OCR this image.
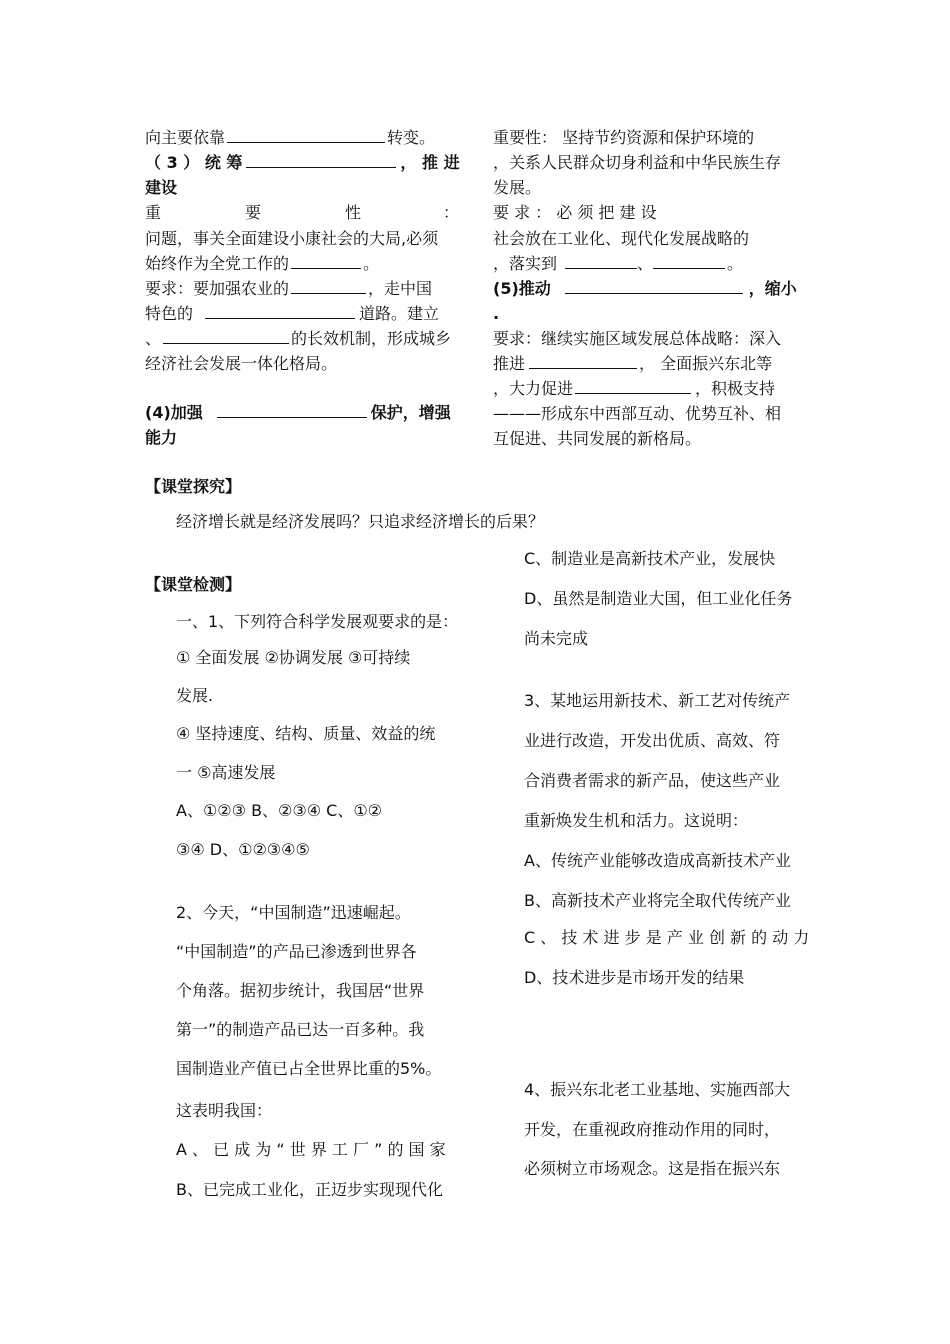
向主要依靠	转变。
（ 3 ） 统 筹	， 推 进
建设
重	要	性	：
问题，事关全面建设小康社会的大局,必须
始终作为全党工作的	。
要求：要加强农业的	，走中国
特色的	道路。建立
、	的长效机制，形成城乡
经济社会发展一体化格局。
(4)加强	保护，增强
能力
重要性： 坚持节约资源和保护环境的
，关系人民群众切身利益和中华民族生存
发展。
要 求 ： 必 须 把 建 设
社会放在工业化、现代化发展战略的
，落实到	、	。
(5)推动	，缩小
.
要求：继续实施区域发展总体战略：深入
推进	， 全面振兴东北等
，大力促进	，积极支持
———形成东中西部互动、优势互补、相
互促进、共同发展的新格局。
【课堂探究】
经济增长就是经济发展吗？只追求经济增长的后果？
【课堂检测】
一、1、下列符合科学发展观要求的是：
① 全面发展 ②协调发展 ③可持续
发展.
④ 坚持速度、结构、质量、效益的统
一 ⑤高速发展
A、①②③ B、②③④ C、①②
③④ D、①②③④⑤
2、今天，“中国制造”迅速崛起。
“中国制造”的产品已渗透到世界各
个角落。据初步统计，我国居“世界
第一”的制造产品已达一百多种。我
国制造业产值已占全世界比重的5%。
这表明我国：
A 、 已 成 为 “ 世 界 工 厂 ” 的 国 家
B、已完成工业化，正迈步实现现代化
C、制造业是高新技术产业，发展快
D、虽然是制造业大国，但工业化任务
尚未完成
3、某地运用新技术、新工艺对传统产
业进行改造，开发出优质、高效、符
合消费者需求的新产品，使这些产业
重新焕发生机和活力。这说明：
A、传统产业能够改造成高新技术产业
B、高新技术产业将完全取代传统产业
C 、 技 术 进 步 是 产 业 创 新 的 动 力
D、技术进步是市场开发的结果
4、振兴东北老工业基地、实施西部大
开发，在重视政府推动作用的同时，
必须树立市场观念。这是指在振兴东
